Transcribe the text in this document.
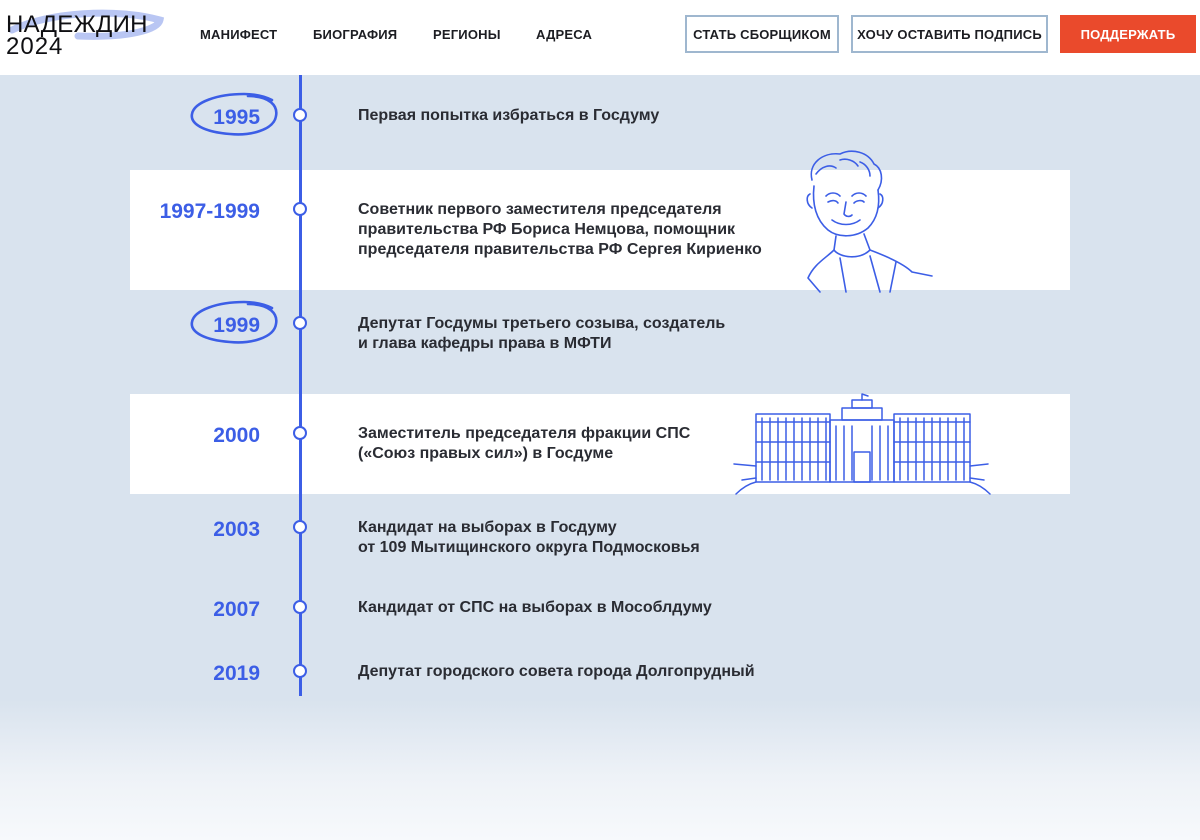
НАДЕЖДИН
2024	МАНИФЕСТ	БИОГРАФИЯ	РЕГИОНЫ	АДРЕСА	СТАТЬ СБОРЩИКОМ	ХОЧУ ОСТАВИТЬ ПОДПИСЬ	ПОДДЕРЖАТЬ
1995	Первая попытка избраться в Госдуму
1997-1999	Советник первого заместителя председателя
правительства РФ Бориса Немцова, помощник
председателя правительства РФ Сергея Кириенко
1999	Депутат Госдумы третьего созыва, создатель
и глава кафедры права в МФТИ
2000	Заместитель председателя фракции СПС
(«Союз правых сил») в Госдуме
2003	Кандидат на выборах в Госдуму
от 109 Мытищинского округа Подмосковья
2007	Кандидат от СПС на выборах в Мособлдуму
2019	Депутат городского совета города Долгопрудный
